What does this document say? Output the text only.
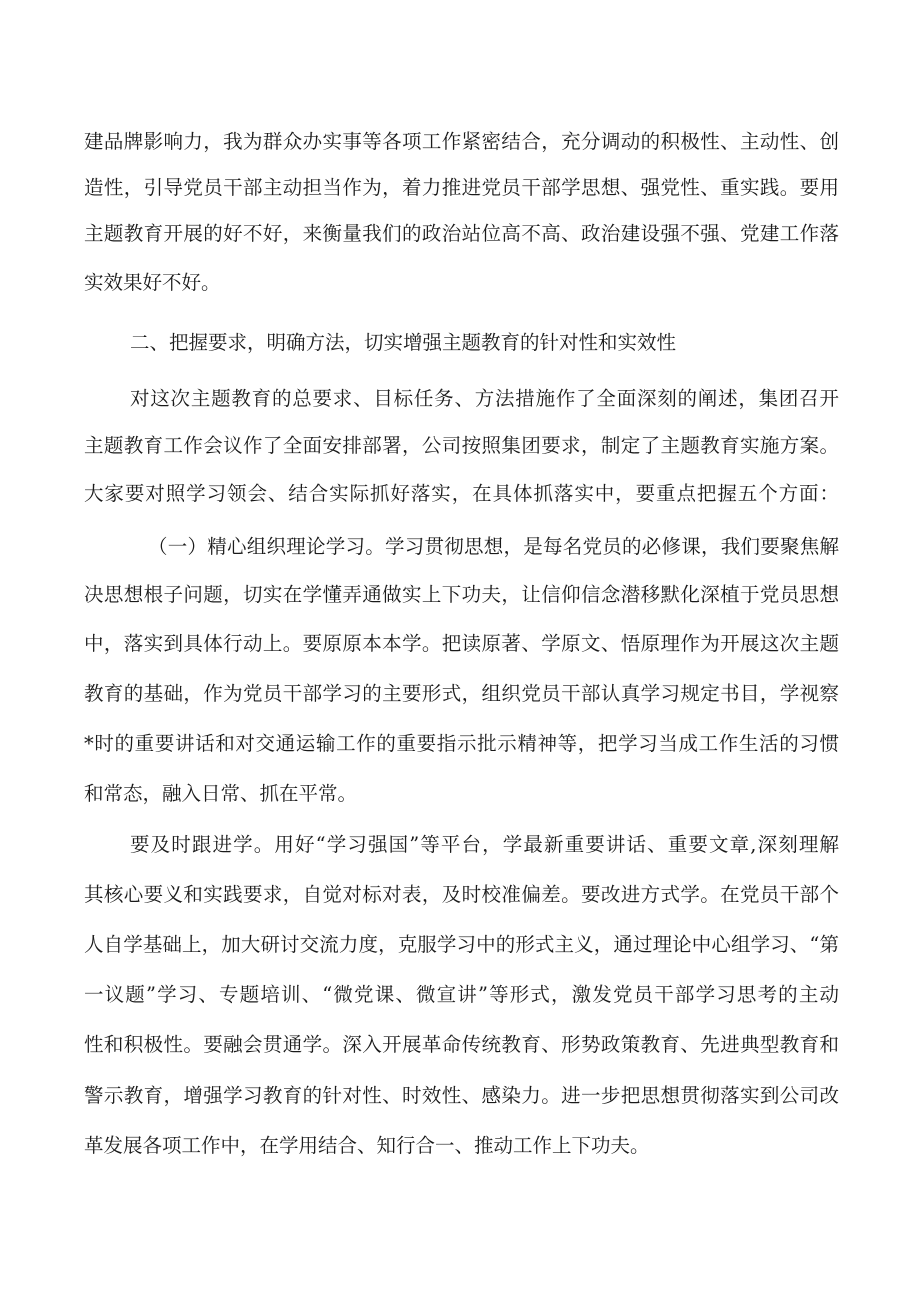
建品牌影响力，我为群众办实事等各项工作紧密结合，充分调动的积极性、主动性、创

造性，引导党员干部主动担当作为，着力推进党员干部学思想、强党性、重实践。要用

主题教育开展的好不好，来衡量我们的政治站位高不高、政治建设强不强、党建工作落

实效果好不好。

二、把握要求，明确方法，切实增强主题教育的针对性和实效性

对这次主题教育的总要求、目标任务、方法措施作了全面深刻的阐述，集团召开

主题教育工作会议作了全面安排部署，公司按照集团要求，制定了主题教育实施方案。

大家要对照学习领会、结合实际抓好落实，在具体抓落实中，要重点把握五个方面：

（一）精心组织理论学习。学习贯彻思想，是每名党员的必修课，我们要聚焦解

决思想根子问题，切实在学懂弄通做实上下功夫，让信仰信念潜移默化深植于党员思想

中，落实到具体行动上。要原原本本学。把读原著、学原文、悟原理作为开展这次主题

教育的基础，作为党员干部学习的主要形式，组织党员干部认真学习规定书目，学视察

*时的重要讲话和对交通运输工作的重要指示批示精神等，把学习当成工作生活的习惯

和常态，融入日常、抓在平常。

要及时跟进学。用好“学习强国”等平台，学最新重要讲话、重要文章,深刻理解

其核心要义和实践要求，自觉对标对表，及时校准偏差。要改进方式学。在党员干部个

人自学基础上，加大研讨交流力度，克服学习中的形式主义，通过理论中心组学习、“第

一议题”学习、专题培训、“微党课、微宣讲”等形式，激发党员干部学习思考的主动

性和积极性。要融会贯通学。深入开展革命传统教育、形势政策教育、先进典型教育和

警示教育，增强学习教育的针对性、时效性、感染力。进一步把思想贯彻落实到公司改

革发展各项工作中，在学用结合、知行合一、推动工作上下功夫。
